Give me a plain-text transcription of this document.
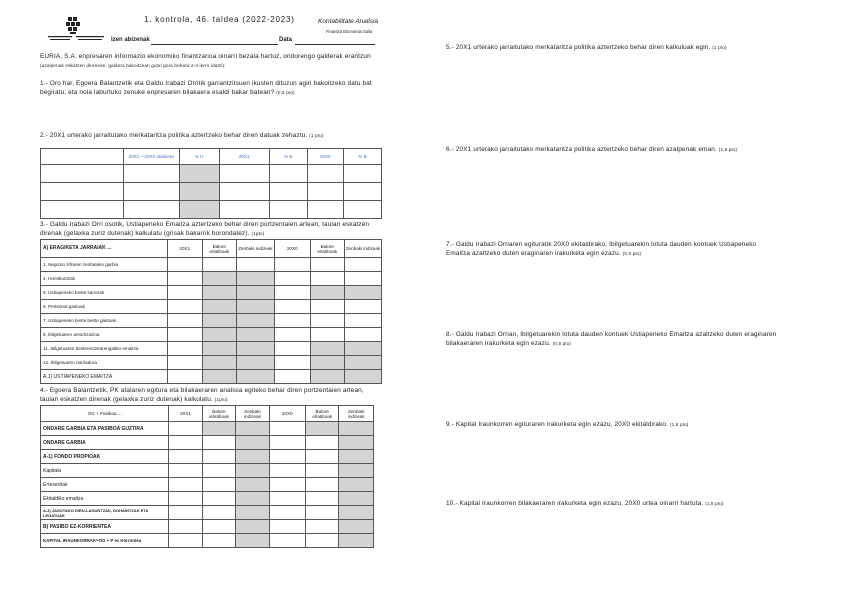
1. kontrola, 46. taldea (2022-2023)	Kontabilitate Analisia
Finantza Ekonomia Saila
Izen abizenak	Data
EURIA, S.A. enpresaren informazio ekonomiko finantzarioa oinarri bezala hartuz, ondorengo galderak erantzun (azalpenak eskatzen direnean, galdera bakoitzean gutxi gora behera 2-4 lerro idatzi):
1.- Oro har, Egoera Balantzetik eta Galdu Irabazi Orritik garrantzitsuen ikusten dituzun agiri bakoitzeko datu bat begiratu, eta nola laburtuko zenuke enpresaren bilakaera esaldi bakar batean? (0,5 pto)
2.- 20X1 urterako jarraitutako merkataritza politika aztertzeko behar diren datuak zehaztu. (1 pto)
	20X1 – 20X0 aldaketa	% H	20X1	% B	20X0	% B

3.- Galdu Irabazi Orri osotik, Ustiapeneko Emaitza aztertzeko behar diren portzentaien artean, taulan eskatzen direnak (gelaxka zuriz dutenak) kalkulatu (grisak bakarrik borondatez). (1pto)
A) ERAGIKETA JARRAIAK ...	20X1	Balore erlatiboak	Zenbaki indizeak	20X0	Balore erlatiboak	Zenbaki indizeak
1. Negozio zifraren zenbateko garbia						
4. Hornikuntzak						
5. Ustiapeneko beste sarrerak						
6. Pertsonal gastuak						
7. Ustiapeneko beste beste gastuak						
8. Ibilgetuaren amortizazioa						
11. Ibilgetuaren besterentzearengatiko emaitza						
12. Ibilgetuaren narriadura						
A.1) USTIAPENEKO EMAITZA						
4.- Egoera Balantzetik, PK atalaren egitura eta bilakaeraren analisia egiteko behar diren portzentaien artean, taulan eskatzen direnak (gelaxka zuriz dutenak) kalkulatu. (1pto)
OG + Pasiboa ...	20X1	Balore erlatiboak	Zenbaki indizeak	20X0	Balore erlatiboak	Zenbaki indizeak
ONDARE GARBIA ETA PASIBOA GUZTIRA						
ONDARE GARBIA						
A-1) FONDO PROPIOAK						
Kapitala						
Erreserbak						
Ekitaldiko emaitza						
A-3) JASOTAKO DIRU-LAGUNTZAK, DOHAINTZAK ETA LEGATUAK						
B) PASIBO EZ-KORRIENTEA						
KAPITAL IRAUNKORRAK=OG + P ez Korrontea						
5.- 20X1 urterako jarraitutako merkataritza politika aztertzeko behar diren kalkuluak egin. (1 pto)
6.- 20X1 urterako jarraitutako merkataritza politika aztertzeko behar diren azalpenak eman. (1,5 pto)
7.- Galdu Irabazi Orriaren egituratik 20X0 ekitaldirako, Ibilgetuarekin lotuta dauden kontuek Ustiapeneko Emaitza azaltzeko duten eraginaren irakurketa egin ezazu. (0,5 pto)
8.- Galdu Irabazi Orrian, Ibilgetuarekin lotuta dauden kontuek Ustiapeneko Emaitza azaltzeko duten eraginaren bilakaeraren irakurketa egin ezazu. (0,5 pto)
9.- Kapital Iraunkorren egituraren irakurketa egin ezazu, 20X0 ekitaldirako. (1,5 pto)
10.- Kapital Iraunkorren bilakaeraren irakurketa egin ezazu, 20X0 urtea oinarri hartuta. (1,5 pto)
